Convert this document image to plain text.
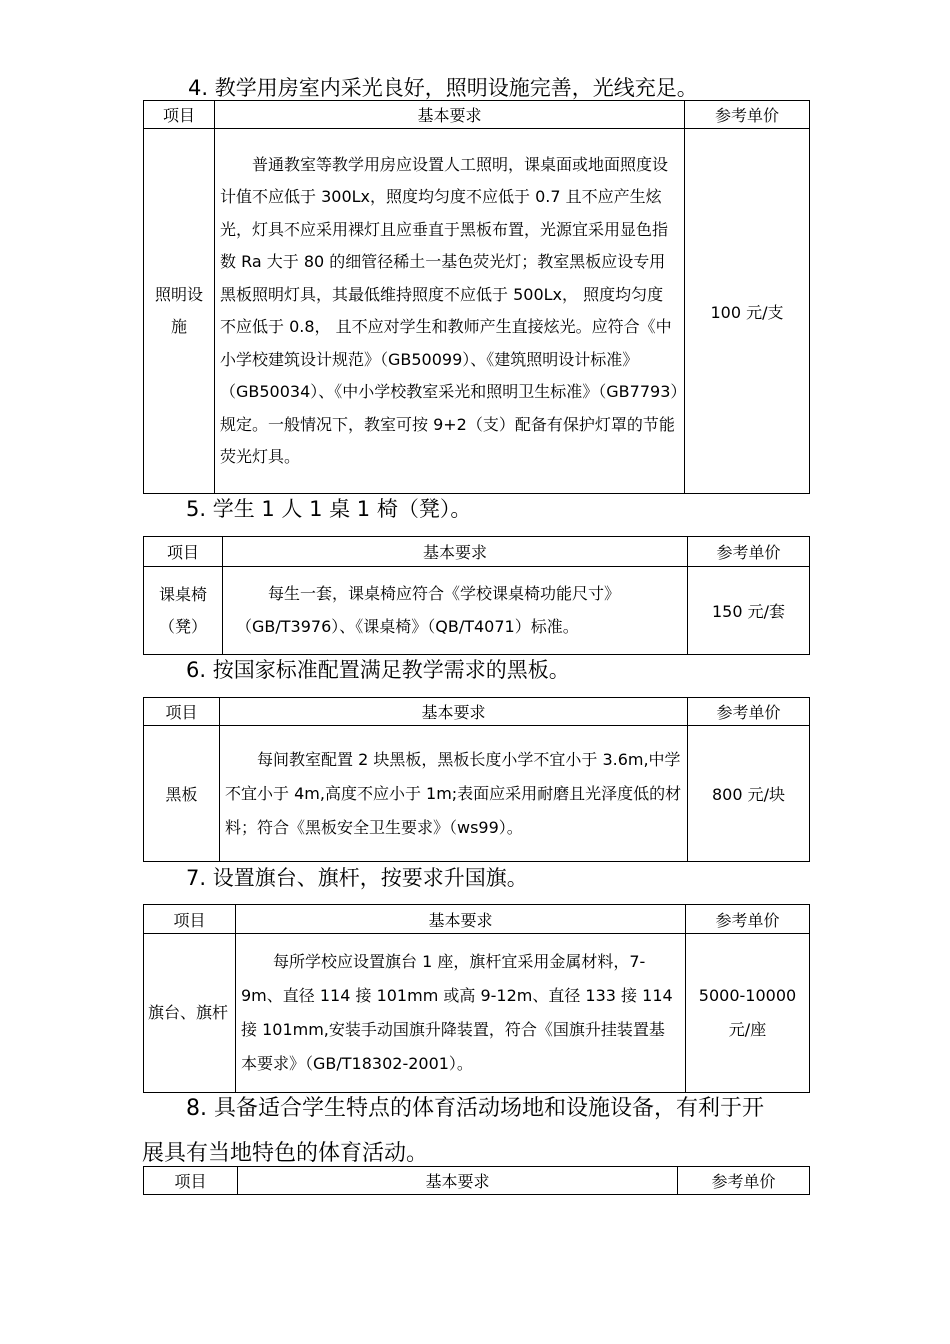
4. 教学用房室内采光良好，照明设施完善，光线充足。
项目	基本要求	参考单价

照明设施	普通教室等教学用房应设置人工照明，课桌面或地面照度设计值不应低于 300Lx，照度均匀度不应低于 0.7 且不应产生炫光，灯具不应采用裸灯且应垂直于黑板布置，光源宜采用显色指数 Ra 大于 80 的细管径稀土一基色荧光灯；教室黑板应设专用黑板照明灯具，其最低维持照度不应低于 500Lx， 照度均匀度不应低于 0.8， 且不应对学生和教师产生直接炫光。应符合《中小学校建筑设计规范》（GB50099）、《建筑照明设计标准》（GB50034）、《中小学校教室采光和照明卫生标准》（GB7793）规定。一般情况下，教室可按 9+2（支）配备有保护灯罩的节能荧光灯具。	100 元/支
5. 学生 1 人 1 桌 1 椅（凳）。
项目	基本要求	参考单价

课桌椅（凳）	每生一套，课桌椅应符合《学校课桌椅功能尺寸》（GB/T3976）、《课桌椅》（QB/T4071）标准。	150 元/套
6. 按国家标准配置满足教学需求的黑板。
项目	基本要求	参考单价
黑板	每间教室配置 2 块黑板，黑板长度小学不宜小于 3.6m,中学不宜小于 4m,高度不应小于 1m;表面应采用耐磨且光泽度低的材料；符合《黑板安全卫生要求》（ws99）。	800 元/块
7. 设置旗台、旗杆，按要求升国旗。
项目	基本要求	参考单价

旗台、旗杆	每所学校应设置旗台 1 座，旗杆宜采用金属材料，7-9m、直径 114 接 101mm 或高 9-12m、直径 133 接 114 接 101mm,安装手动国旗升降装置，符合《国旗升挂装置基本要求》（GB/T18302-2001）。	5000-10000 元/座
8. 具备适合学生特点的体育活动场地和设施设备，有利于开
展具有当地特色的体育活动。
项目	基本要求	参考单价
